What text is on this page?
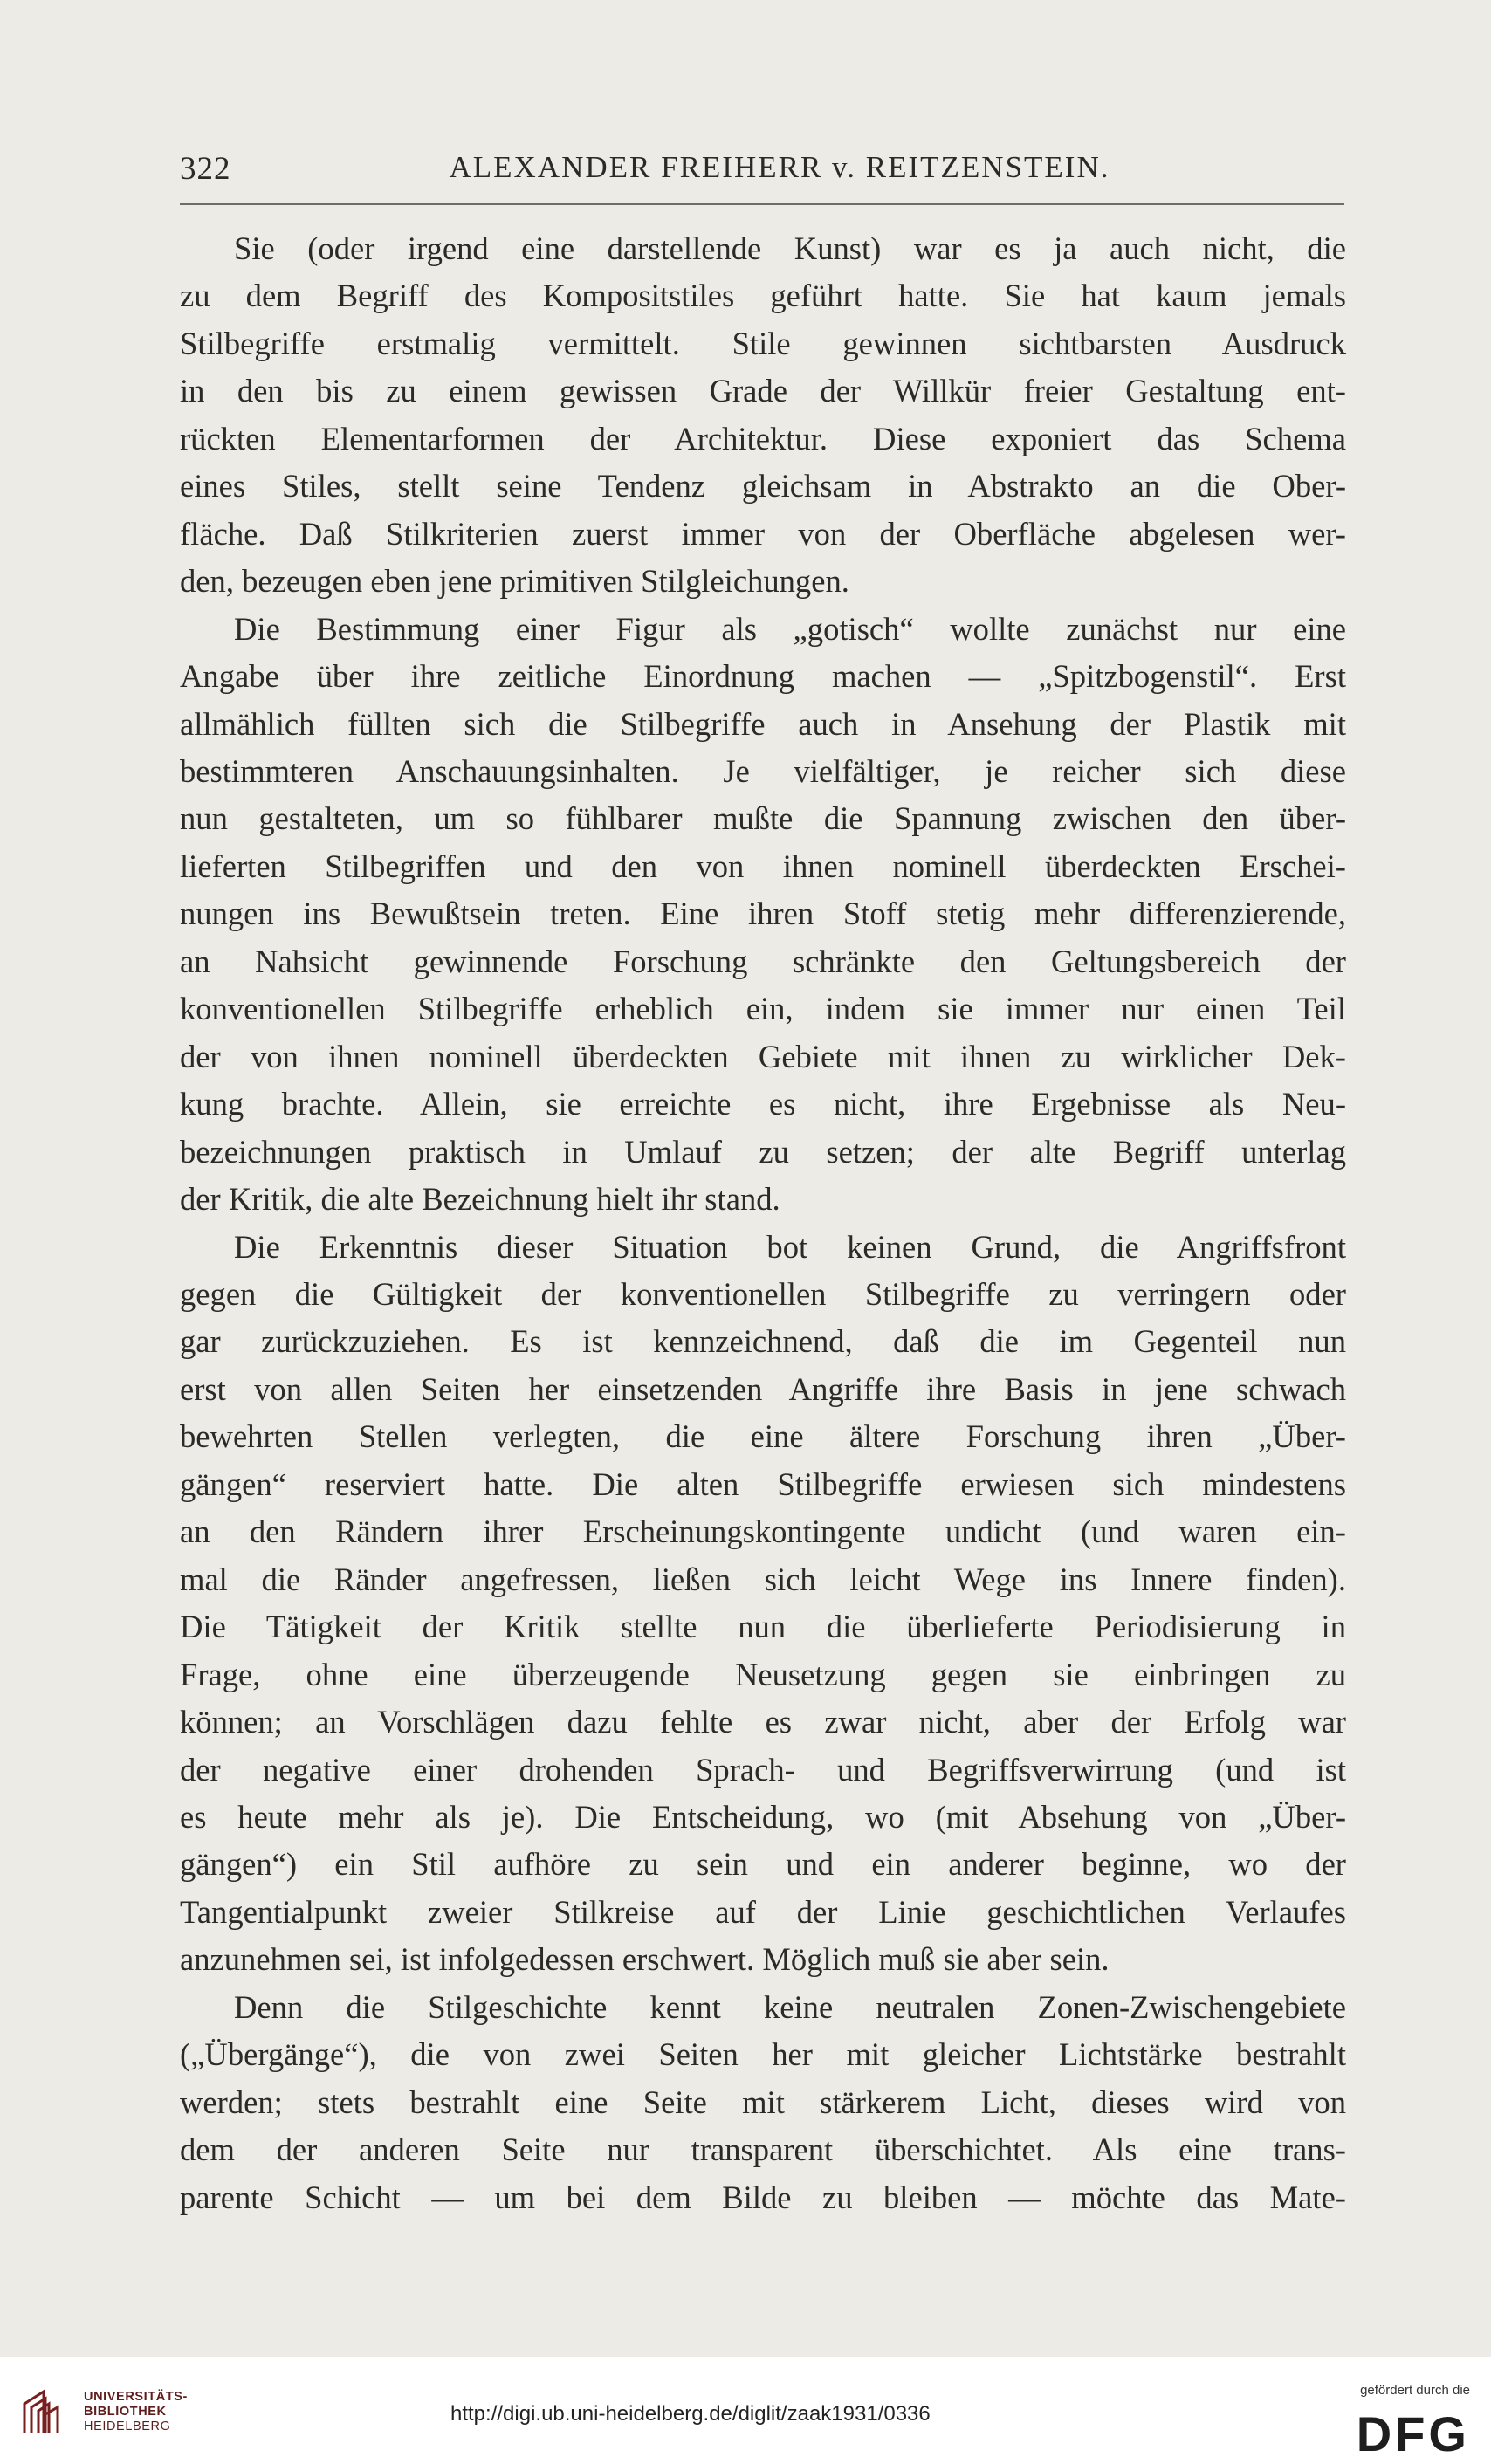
322	ALEXANDER FREIHERR v. REITZENSTEIN.
Sie (oder irgend eine darstellende Kunst) war es ja auch nicht, die
zu dem Begriff des Kompositstiles geführt hatte. Sie hat kaum jemals
Stilbegriffe erstmalig vermittelt. Stile gewinnen sichtbarsten Ausdruck
in den bis zu einem gewissen Grade der Willkür freier Gestaltung ent-
rückten Elementarformen der Architektur. Diese exponiert das Schema
eines Stiles, stellt seine Tendenz gleichsam in Abstrakto an die Ober-
fläche. Daß Stilkriterien zuerst immer von der Oberfläche abgelesen wer-
den, bezeugen eben jene primitiven Stilgleichungen.
Die Bestimmung einer Figur als „gotisch“ wollte zunächst nur eine
Angabe über ihre zeitliche Einordnung machen — „Spitzbogenstil“. Erst
allmählich füllten sich die Stilbegriffe auch in Ansehung der Plastik mit
bestimmteren Anschauungsinhalten. Je vielfältiger, je reicher sich diese
nun gestalteten, um so fühlbarer mußte die Spannung zwischen den über-
lieferten Stilbegriffen und den von ihnen nominell überdeckten Erschei-
nungen ins Bewußtsein treten. Eine ihren Stoff stetig mehr differenzierende,
an Nahsicht gewinnende Forschung schränkte den Geltungsbereich der
konventionellen Stilbegriffe erheblich ein, indem sie immer nur einen Teil
der von ihnen nominell überdeckten Gebiete mit ihnen zu wirklicher Dek-
kung brachte. Allein, sie erreichte es nicht, ihre Ergebnisse als Neu-
bezeichnungen praktisch in Umlauf zu setzen; der alte Begriff unterlag
der Kritik, die alte Bezeichnung hielt ihr stand.
Die Erkenntnis dieser Situation bot keinen Grund, die Angriffsfront
gegen die Gültigkeit der konventionellen Stilbegriffe zu verringern oder
gar zurückzuziehen. Es ist kennzeichnend, daß die im Gegenteil nun
erst von allen Seiten her einsetzenden Angriffe ihre Basis in jene schwach
bewehrten Stellen verlegten, die eine ältere Forschung ihren „Über-
gängen“ reserviert hatte. Die alten Stilbegriffe erwiesen sich mindestens
an den Rändern ihrer Erscheinungskontingente undicht (und waren ein-
mal die Ränder angefressen, ließen sich leicht Wege ins Innere finden).
Die Tätigkeit der Kritik stellte nun die überlieferte Periodisierung in
Frage, ohne eine überzeugende Neusetzung gegen sie einbringen zu
können; an Vorschlägen dazu fehlte es zwar nicht, aber der Erfolg war
der negative einer drohenden Sprach- und Begriffsverwirrung (und ist
es heute mehr als je). Die Entscheidung, wo (mit Absehung von „Über-
gängen“) ein Stil aufhöre zu sein und ein anderer beginne, wo der
Tangentialpunkt zweier Stilkreise auf der Linie geschichtlichen Verlaufes
anzunehmen sei, ist infolgedessen erschwert. Möglich muß sie aber sein.
Denn die Stilgeschichte kennt keine neutralen Zonen-Zwischengebiete
(„Übergänge“), die von zwei Seiten her mit gleicher Lichtstärke bestrahlt
werden; stets bestrahlt eine Seite mit stärkerem Licht, dieses wird von
dem der anderen Seite nur transparent überschichtet. Als eine trans-
parente Schicht — um bei dem Bilde zu bleiben — möchte das Mate-
UNIVERSITÄTS-
BIBLIOTHEK
HEIDELBERG
http://digi.ub.uni-heidelberg.de/diglit/zaak1931/0336
gefördert durch die
DFG
